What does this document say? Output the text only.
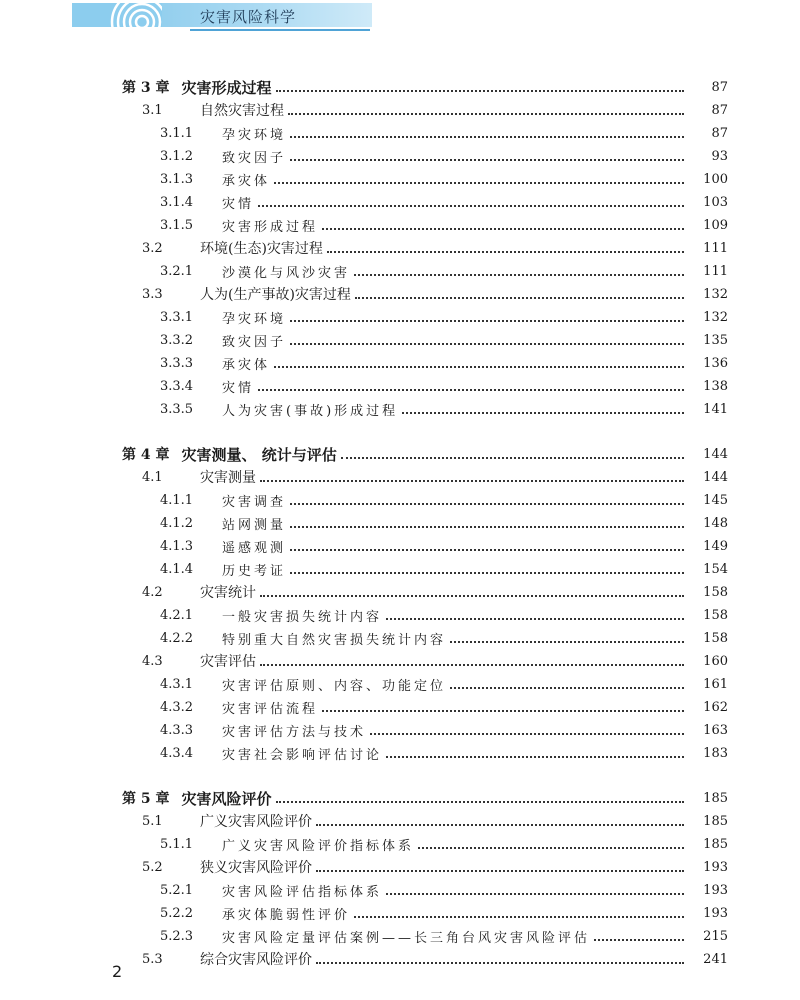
灾害风险科学
第 3 章 灾害形成过程	87
3.1	自然灾害过程	87
3.1.1	孕灾环境	87
3.1.2	致灾因子	93
3.1.3	承灾体	100
3.1.4	灾情	103
3.1.5	灾害形成过程	109
3.2	环境(生态)灾害过程	111
3.2.1	沙漠化与风沙灾害	111
3.3	人为(生产事故)灾害过程	132
3.3.1	孕灾环境	132
3.3.2	致灾因子	135
3.3.3	承灾体	136
3.3.4	灾情	138
3.3.5	人为灾害(事故)形成过程	141
第 4 章 灾害测量、 统计与评估	144
4.1	灾害测量	144
4.1.1	灾害调查	145
4.1.2	站网测量	148
4.1.3	遥感观测	149
4.1.4	历史考证	154
4.2	灾害统计	158
4.2.1	一般灾害损失统计内容	158
4.2.2	特别重大自然灾害损失统计内容	158
4.3	灾害评估	160
4.3.1	灾害评估原则、内容、功能定位	161
4.3.2	灾害评估流程	162
4.3.3	灾害评估方法与技术	163
4.3.4	灾害社会影响评估讨论	183
第 5 章 灾害风险评价	185
5.1	广义灾害风险评价	185
5.1.1	广义灾害风险评价指标体系	185
5.2	狭义灾害风险评价	193
5.2.1	灾害风险评估指标体系	193
5.2.2	承灾体脆弱性评价	193
5.2.3	灾害风险定量评估案例——长三角台风灾害风险评估	215
5.3	综合灾害风险评价	241
2
